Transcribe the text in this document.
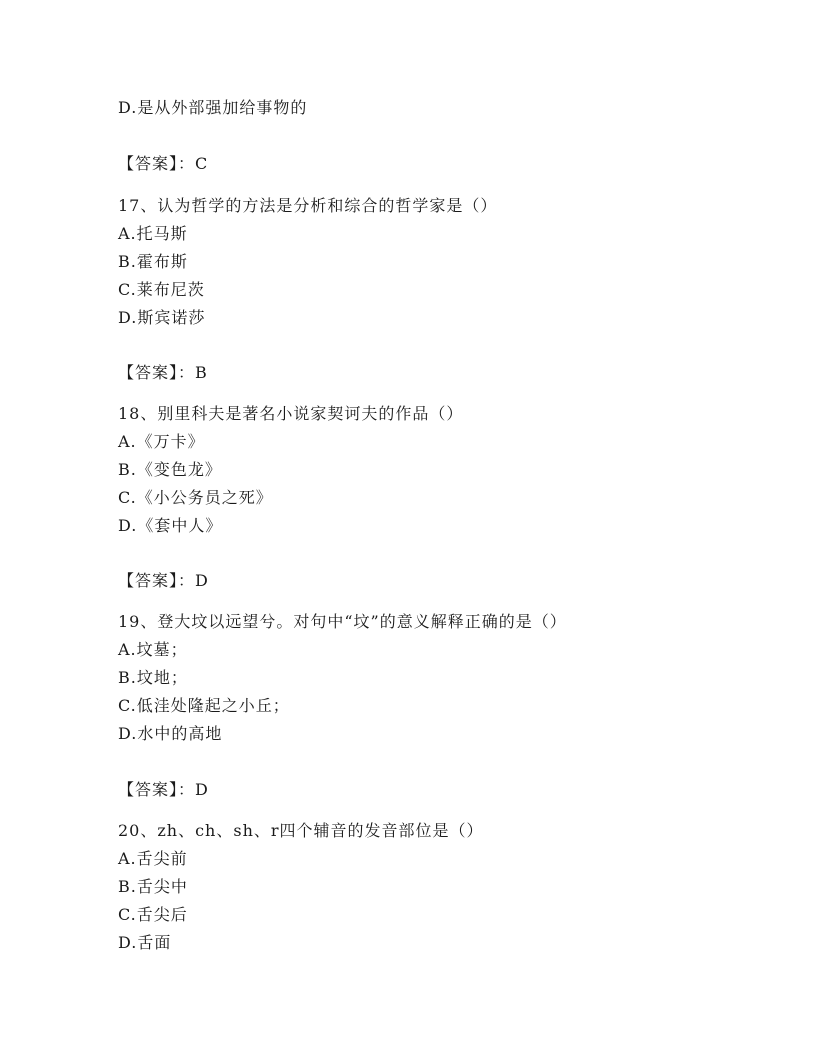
D.是从外部强加给事物的
【答案】：C
17、认为哲学的方法是分析和综合的哲学家是（）
A.托马斯
B.霍布斯
C.莱布尼茨
D.斯宾诺莎
【答案】：B
18、别里科夫是著名小说家契诃夫的作品（）
A.《万卡》
B.《变色龙》
C.《小公务员之死》
D.《套中人》
【答案】：D
19、登大坟以远望兮。对句中“坟”的意义解释正确的是（）
A.坟墓；
B.坟地；
C.低洼处隆起之小丘；
D.水中的高地
【答案】：D
20、zh、ch、sh、r四个辅音的发音部位是（）
A.舌尖前
B.舌尖中
C.舌尖后
D.舌面
